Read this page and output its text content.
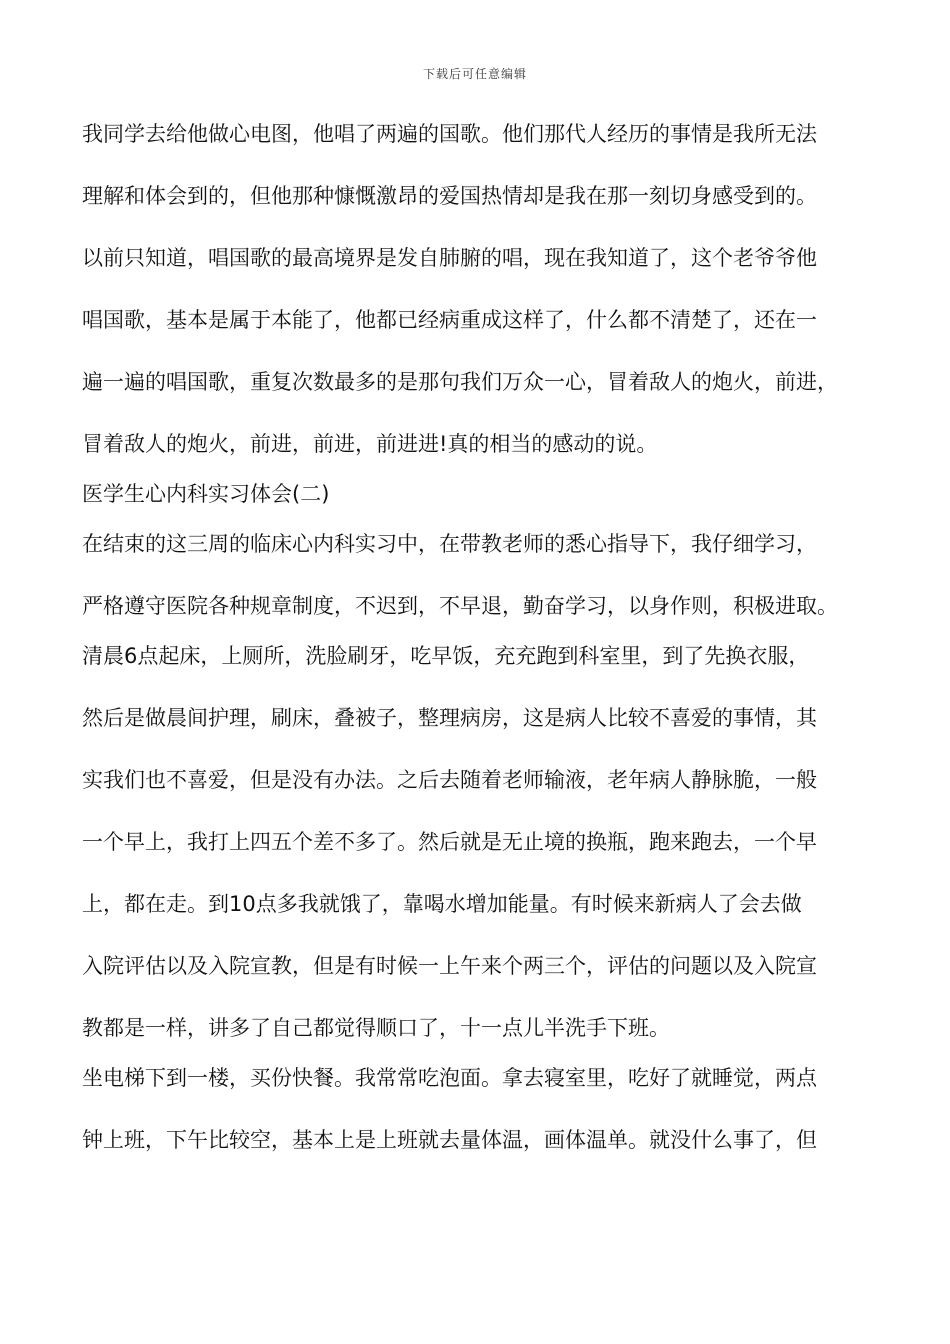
下载后可任意编辑
我同学去给他做心电图，他唱了两遍的国歌。他们那代人经历的事情是我所无法
理解和体会到的，但他那种慷慨激昂的爱国热情却是我在那一刻切身感受到的。
以前只知道，唱国歌的最高境界是发自肺腑的唱，现在我知道了，这个老爷爷他
唱国歌，基本是属于本能了，他都已经病重成这样了，什么都不清楚了，还在一
遍一遍的唱国歌，重复次数最多的是那句我们万众一心，冒着敌人的炮火，前进，
冒着敌人的炮火，前进，前进，前进进!真的相当的感动的说。
医学生心内科实习体会(二)
在结束的这三周的临床心内科实习中，在带教老师的悉心指导下，我仔细学习，
严格遵守医院各种规章制度，不迟到，不早退，勤奋学习，以身作则，积极进取。
清晨6点起床，上厕所，洗脸刷牙，吃早饭，充充跑到科室里，到了先换衣服，
然后是做晨间护理，刷床，叠被子，整理病房，这是病人比较不喜爱的事情，其
实我们也不喜爱，但是没有办法。之后去随着老师输液，老年病人静脉脆，一般
一个早上，我打上四五个差不多了。然后就是无止境的换瓶，跑来跑去，一个早
上，都在走。到10点多我就饿了，靠喝水增加能量。有时候来新病人了会去做
入院评估以及入院宣教，但是有时候一上午来个两三个，评估的问题以及入院宣
教都是一样，讲多了自己都觉得顺口了，十一点儿半洗手下班。
坐电梯下到一楼，买份快餐。我常常吃泡面。拿去寝室里，吃好了就睡觉，两点
钟上班，下午比较空，基本上是上班就去量体温，画体温单。就没什么事了，但
